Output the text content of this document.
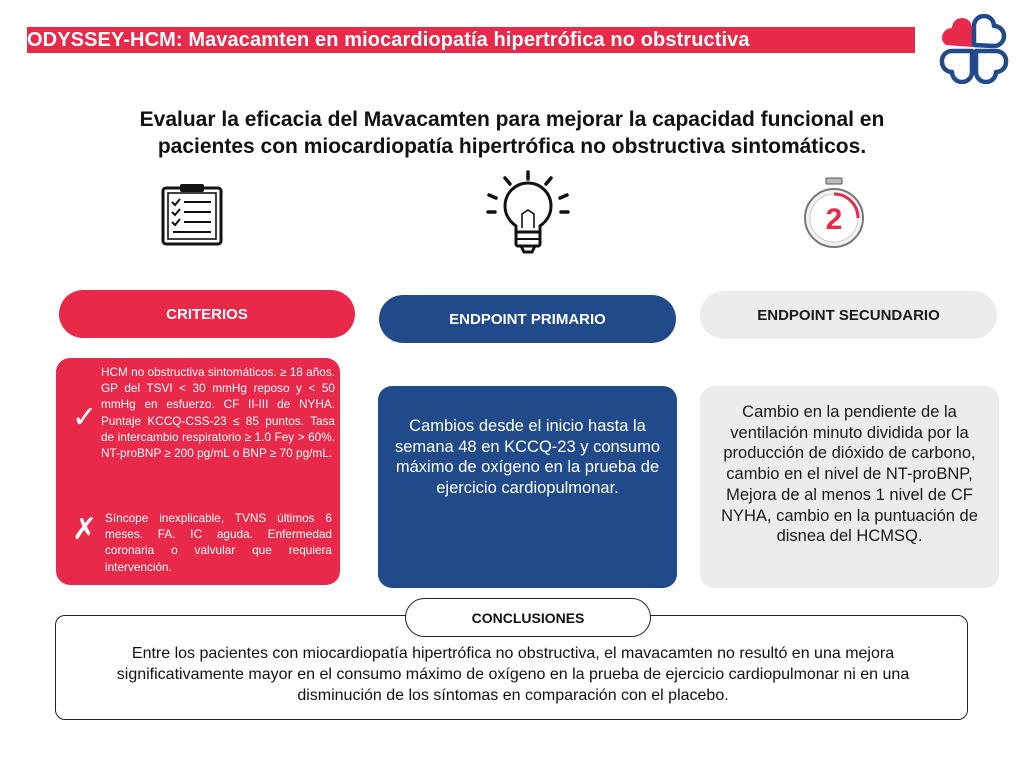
ODYSSEY-HCM: Mavacamten en miocardiopatía hipertrófica no obstructiva
Evaluar la eficacia del Mavacamten para mejorar la capacidad funcional en
pacientes con miocardiopatía hipertrófica no obstructiva sintomáticos.
2
CRITERIOS	ENDPOINT PRIMARIO	ENDPOINT SECUNDARIO
✓
HCM no obstructiva sintomáticos. ≥ 18 años. GP del TSVI < 30 mmHg reposo y < 50 mmHg en esfuerzo. CF II-III de NYHA. Puntaje KCCQ-CSS-23 ≤ 85 puntos. Tasa de intercambio respiratorio ≥ 1.0 Fey > 60%. NT-proBNP ≥ 200 pg/mL o BNP ≥ 70 pg/mL.
✗ Síncope inexplicable, TVNS últimos 6 meses. FA. IC aguda. Enfermedad coronaria o valvular que requiera intervención.
Cambios desde el inicio hasta la semana 48 en KCCQ-23 y consumo máximo de oxígeno en la prueba de ejercicio cardiopulmonar.
Cambio en la pendiente de la ventilación minuto dividida por la producción de dióxido de carbono, cambio en el nivel de NT-proBNP, Mejora de al menos 1 nivel de CF NYHA, cambio en la puntuación de disnea del HCMSQ.
CONCLUSIONES
Entre los pacientes con miocardiopatía hipertrófica no obstructiva, el mavacamten no resultó en una mejora significativamente mayor en el consumo máximo de oxígeno en la prueba de ejercicio cardiopulmonar ni en una disminución de los síntomas en comparación con el placebo.
